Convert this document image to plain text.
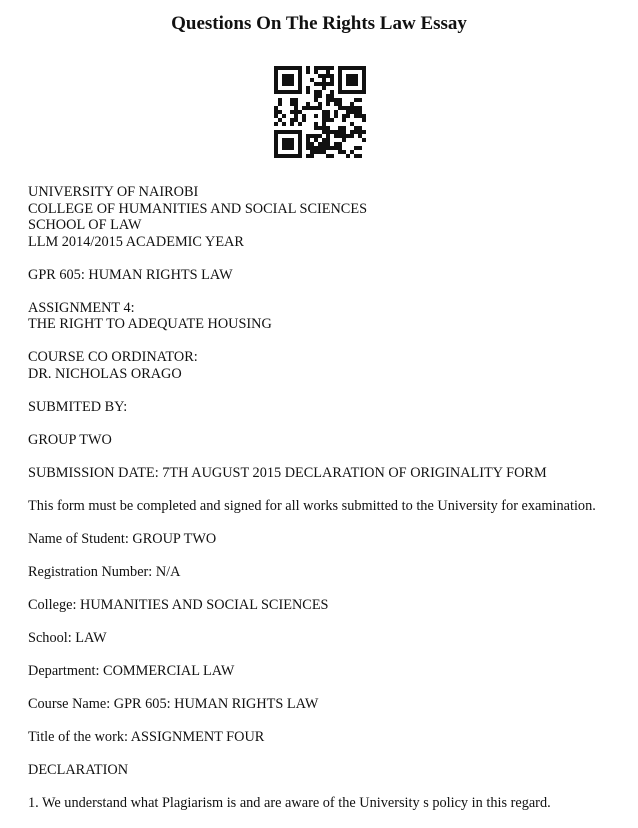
Questions On The Rights Law Essay
UNIVERSITY OF NAIROBI
COLLEGE OF HUMANITIES AND SOCIAL SCIENCES
SCHOOL OF LAW
LLM 2014/2015 ACADEMIC YEAR
GPR 605: HUMAN RIGHTS LAW
ASSIGNMENT 4:
THE RIGHT TO ADEQUATE HOUSING
COURSE CO ORDINATOR:
DR. NICHOLAS ORAGO
SUBMITED BY:
GROUP TWO
SUBMISSION DATE: 7TH AUGUST 2015 DECLARATION OF ORIGINALITY FORM
This form must be completed and signed for all works submitted to the University for examination.
Name of Student: GROUP TWO
Registration Number: N/A
College: HUMANITIES AND SOCIAL SCIENCES
School: LAW
Department: COMMERCIAL LAW
Course Name: GPR 605: HUMAN RIGHTS LAW
Title of the work: ASSIGNMENT FOUR
DECLARATION
1. We understand what Plagiarism is and are aware of the University s policy in this regard.
